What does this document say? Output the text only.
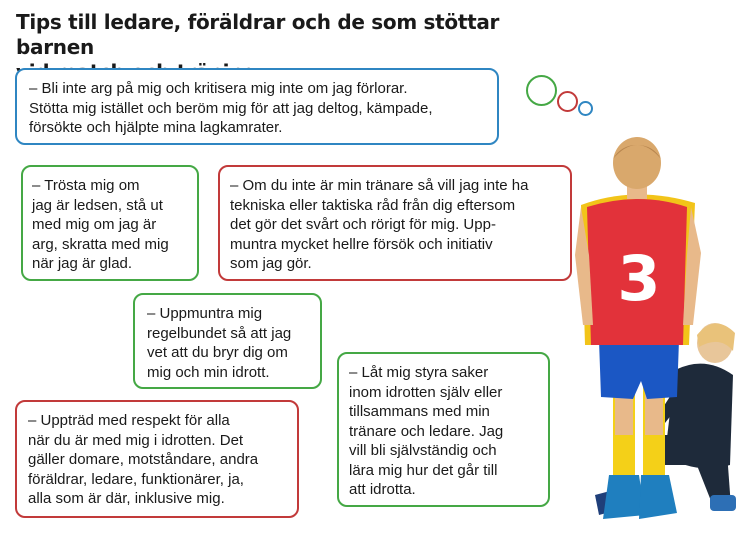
Tips till ledare, föräldrar och de som stöttar barnen
– Bli inte arg på mig och kritisera mig inte om jag förlorar.
Stötta mig istället och beröm mig för att jag deltog, kämpade,
försökte och hjälpte mina lagkamrater.
– Trösta mig om
jag är ledsen, stå ut
med mig om jag är
arg, skratta med mig
när jag är glad.
– Om du inte är min tränare så vill jag inte ha
tekniska eller taktiska råd från dig eftersom
det gör det svårt och rörigt för mig. Upp-
muntra mycket hellre försök och initiativ
som jag gör.
– Uppmuntra mig
regelbundet så att jag
vet att du bryr dig om
mig och min idrott.	– Låt mig styra saker
inom idrotten själv eller
tillsammans med min
tränare och ledare. Jag
vill bli självständig och
lära mig hur det går till
att idrotta.
– Uppträd med respekt för alla
när du är med mig i idrotten. Det
gäller domare, motståndare, andra
föräldrar, ledare, funktionärer, ja,
alla som är där, inklusive mig.
3
